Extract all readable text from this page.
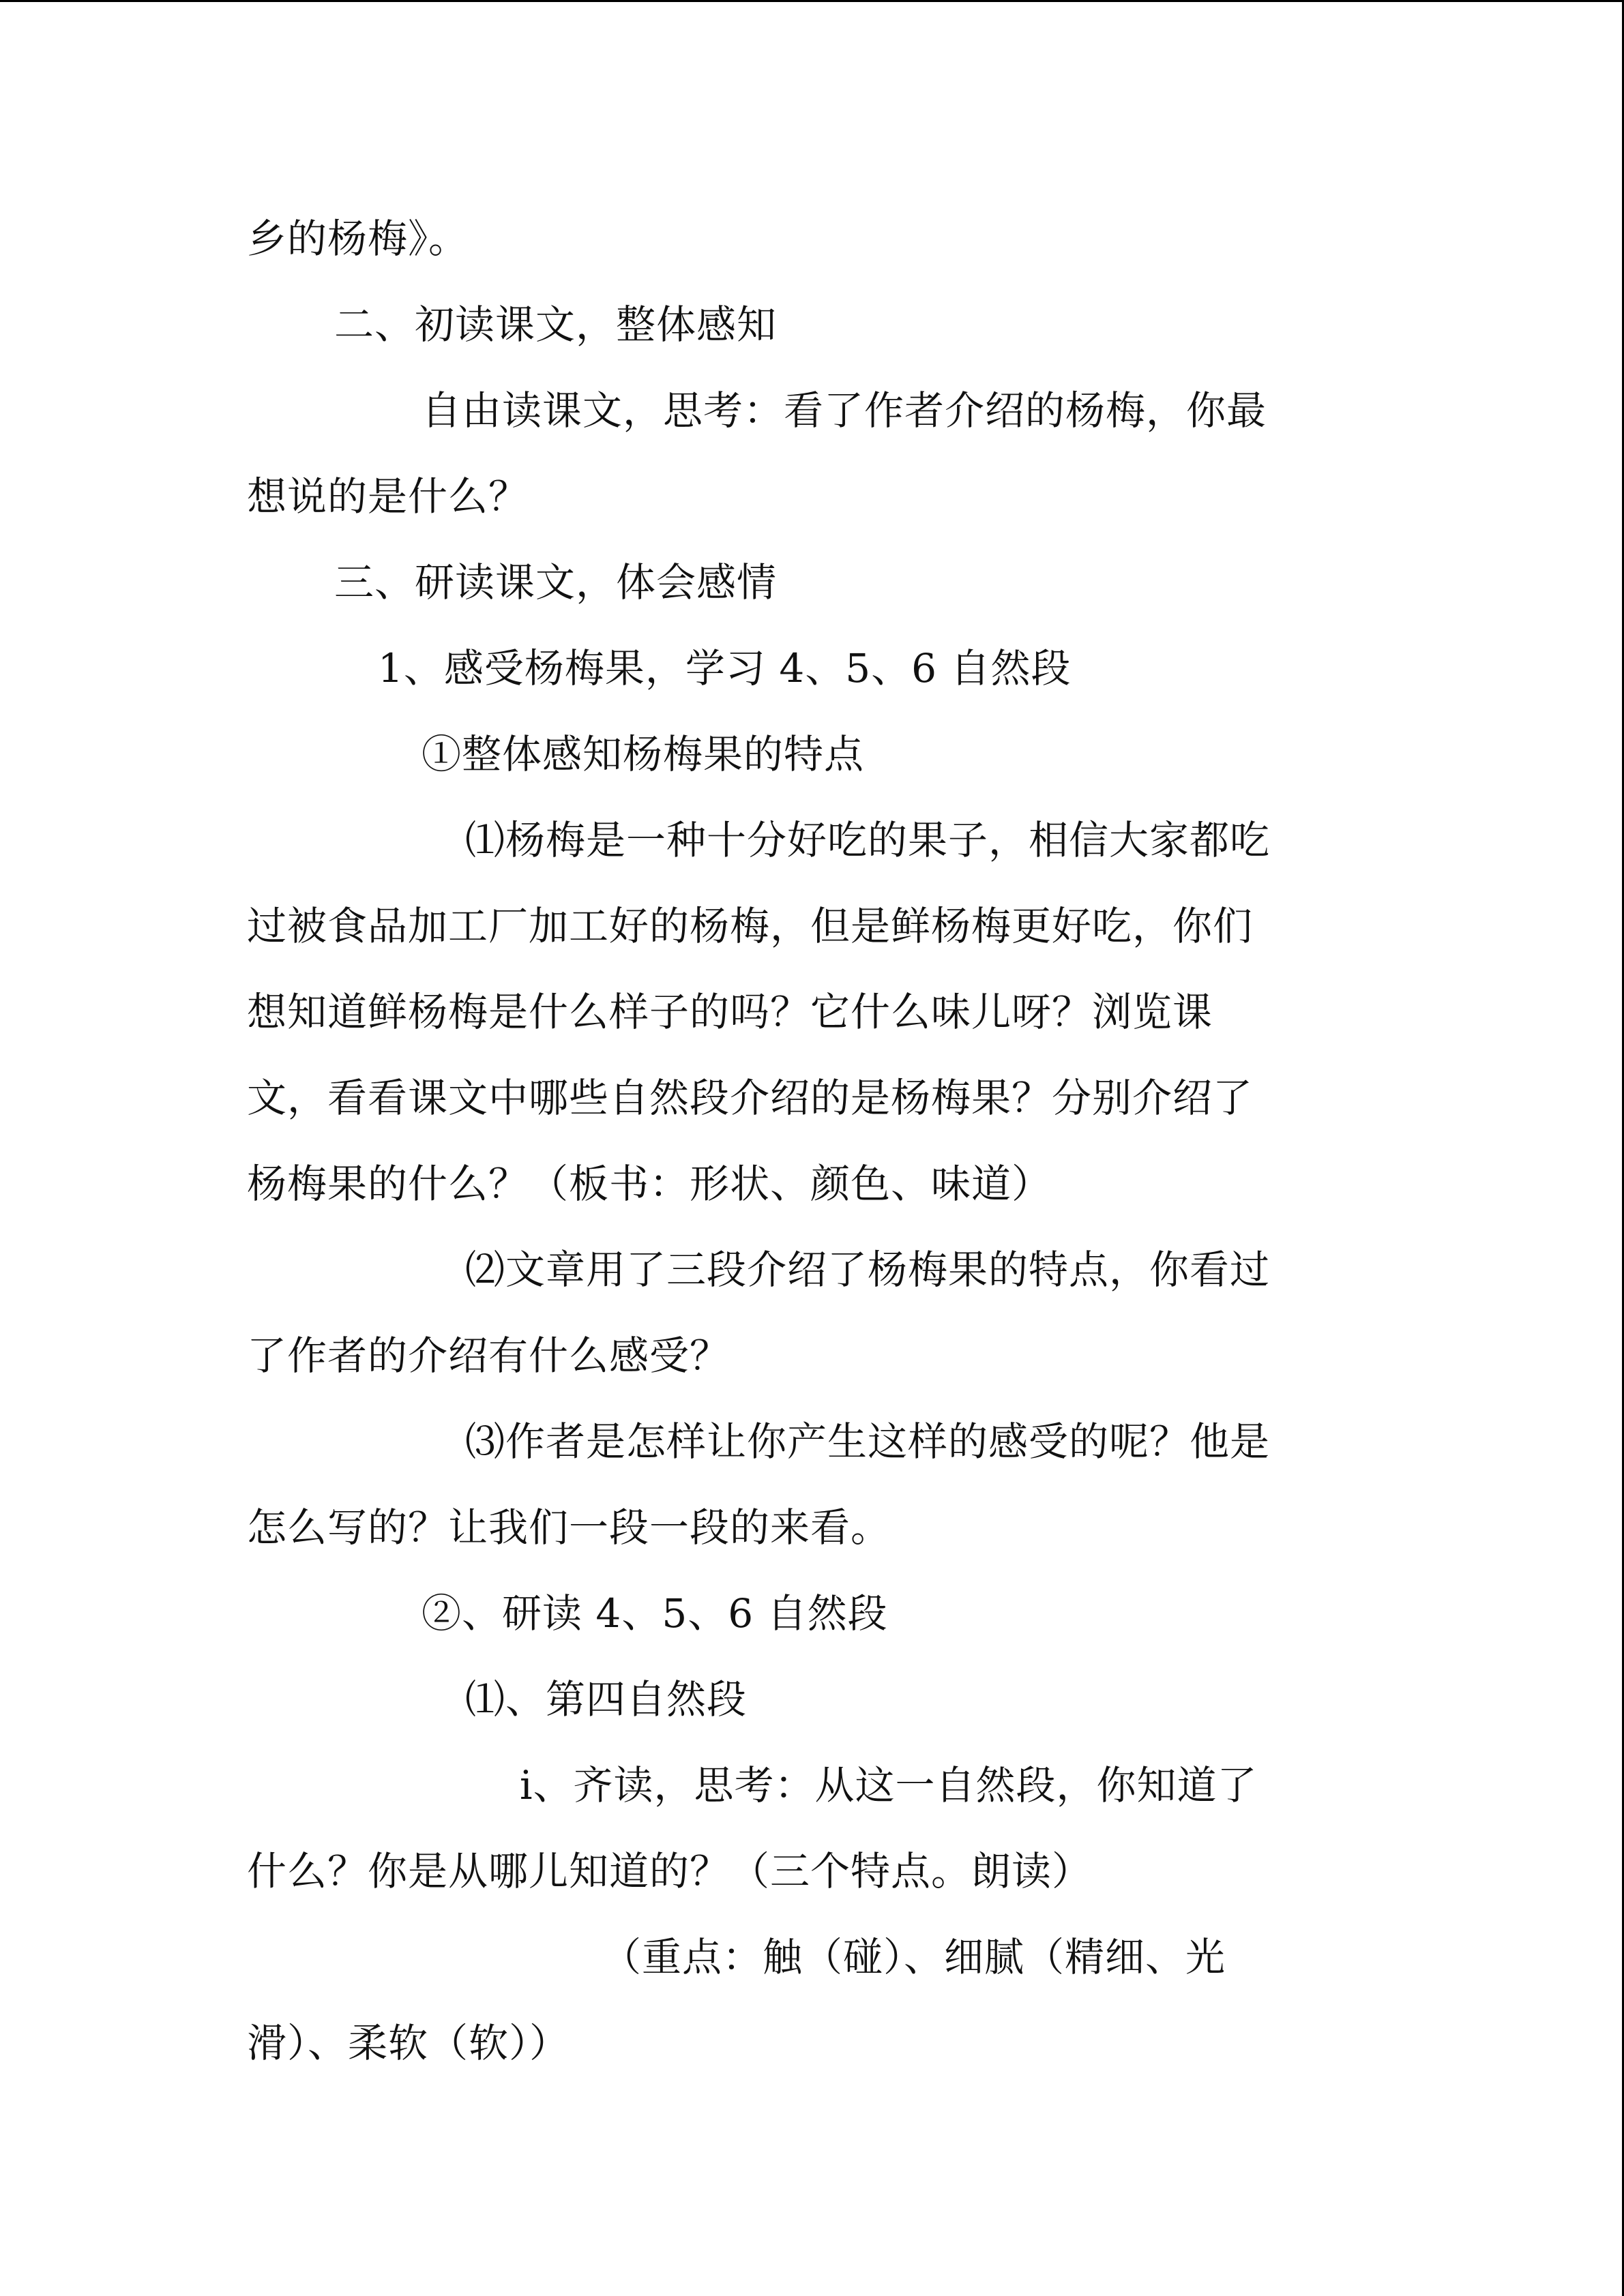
乡的杨梅》。
二、初读课文，整体感知
自由读课文，思考：看了作者介绍的杨梅，你最
想说的是什么？
三、研读课文，体会感情
1、感受杨梅果，学习 4、5、6 自然段
①整体感知杨梅果的特点
⑴杨梅是一种十分好吃的果子，相信大家都吃
过被食品加工厂加工好的杨梅，但是鲜杨梅更好吃，你们
想知道鲜杨梅是什么样子的吗？它什么味儿呀？浏览课
文，看看课文中哪些自然段介绍的是杨梅果？分别介绍了
杨梅果的什么？（板书：形状、颜色、味道）
⑵文章用了三段介绍了杨梅果的特点，你看过
了作者的介绍有什么感受？
⑶作者是怎样让你产生这样的感受的呢？他是
怎么写的？让我们一段一段的来看。
②、研读 4、5、6 自然段
⑴、第四自然段
ⅰ、齐读，思考：从这一自然段，你知道了
什么？你是从哪儿知道的？（三个特点。朗读）
（重点：触（碰）、细腻（精细、光
滑）、柔软（软））
